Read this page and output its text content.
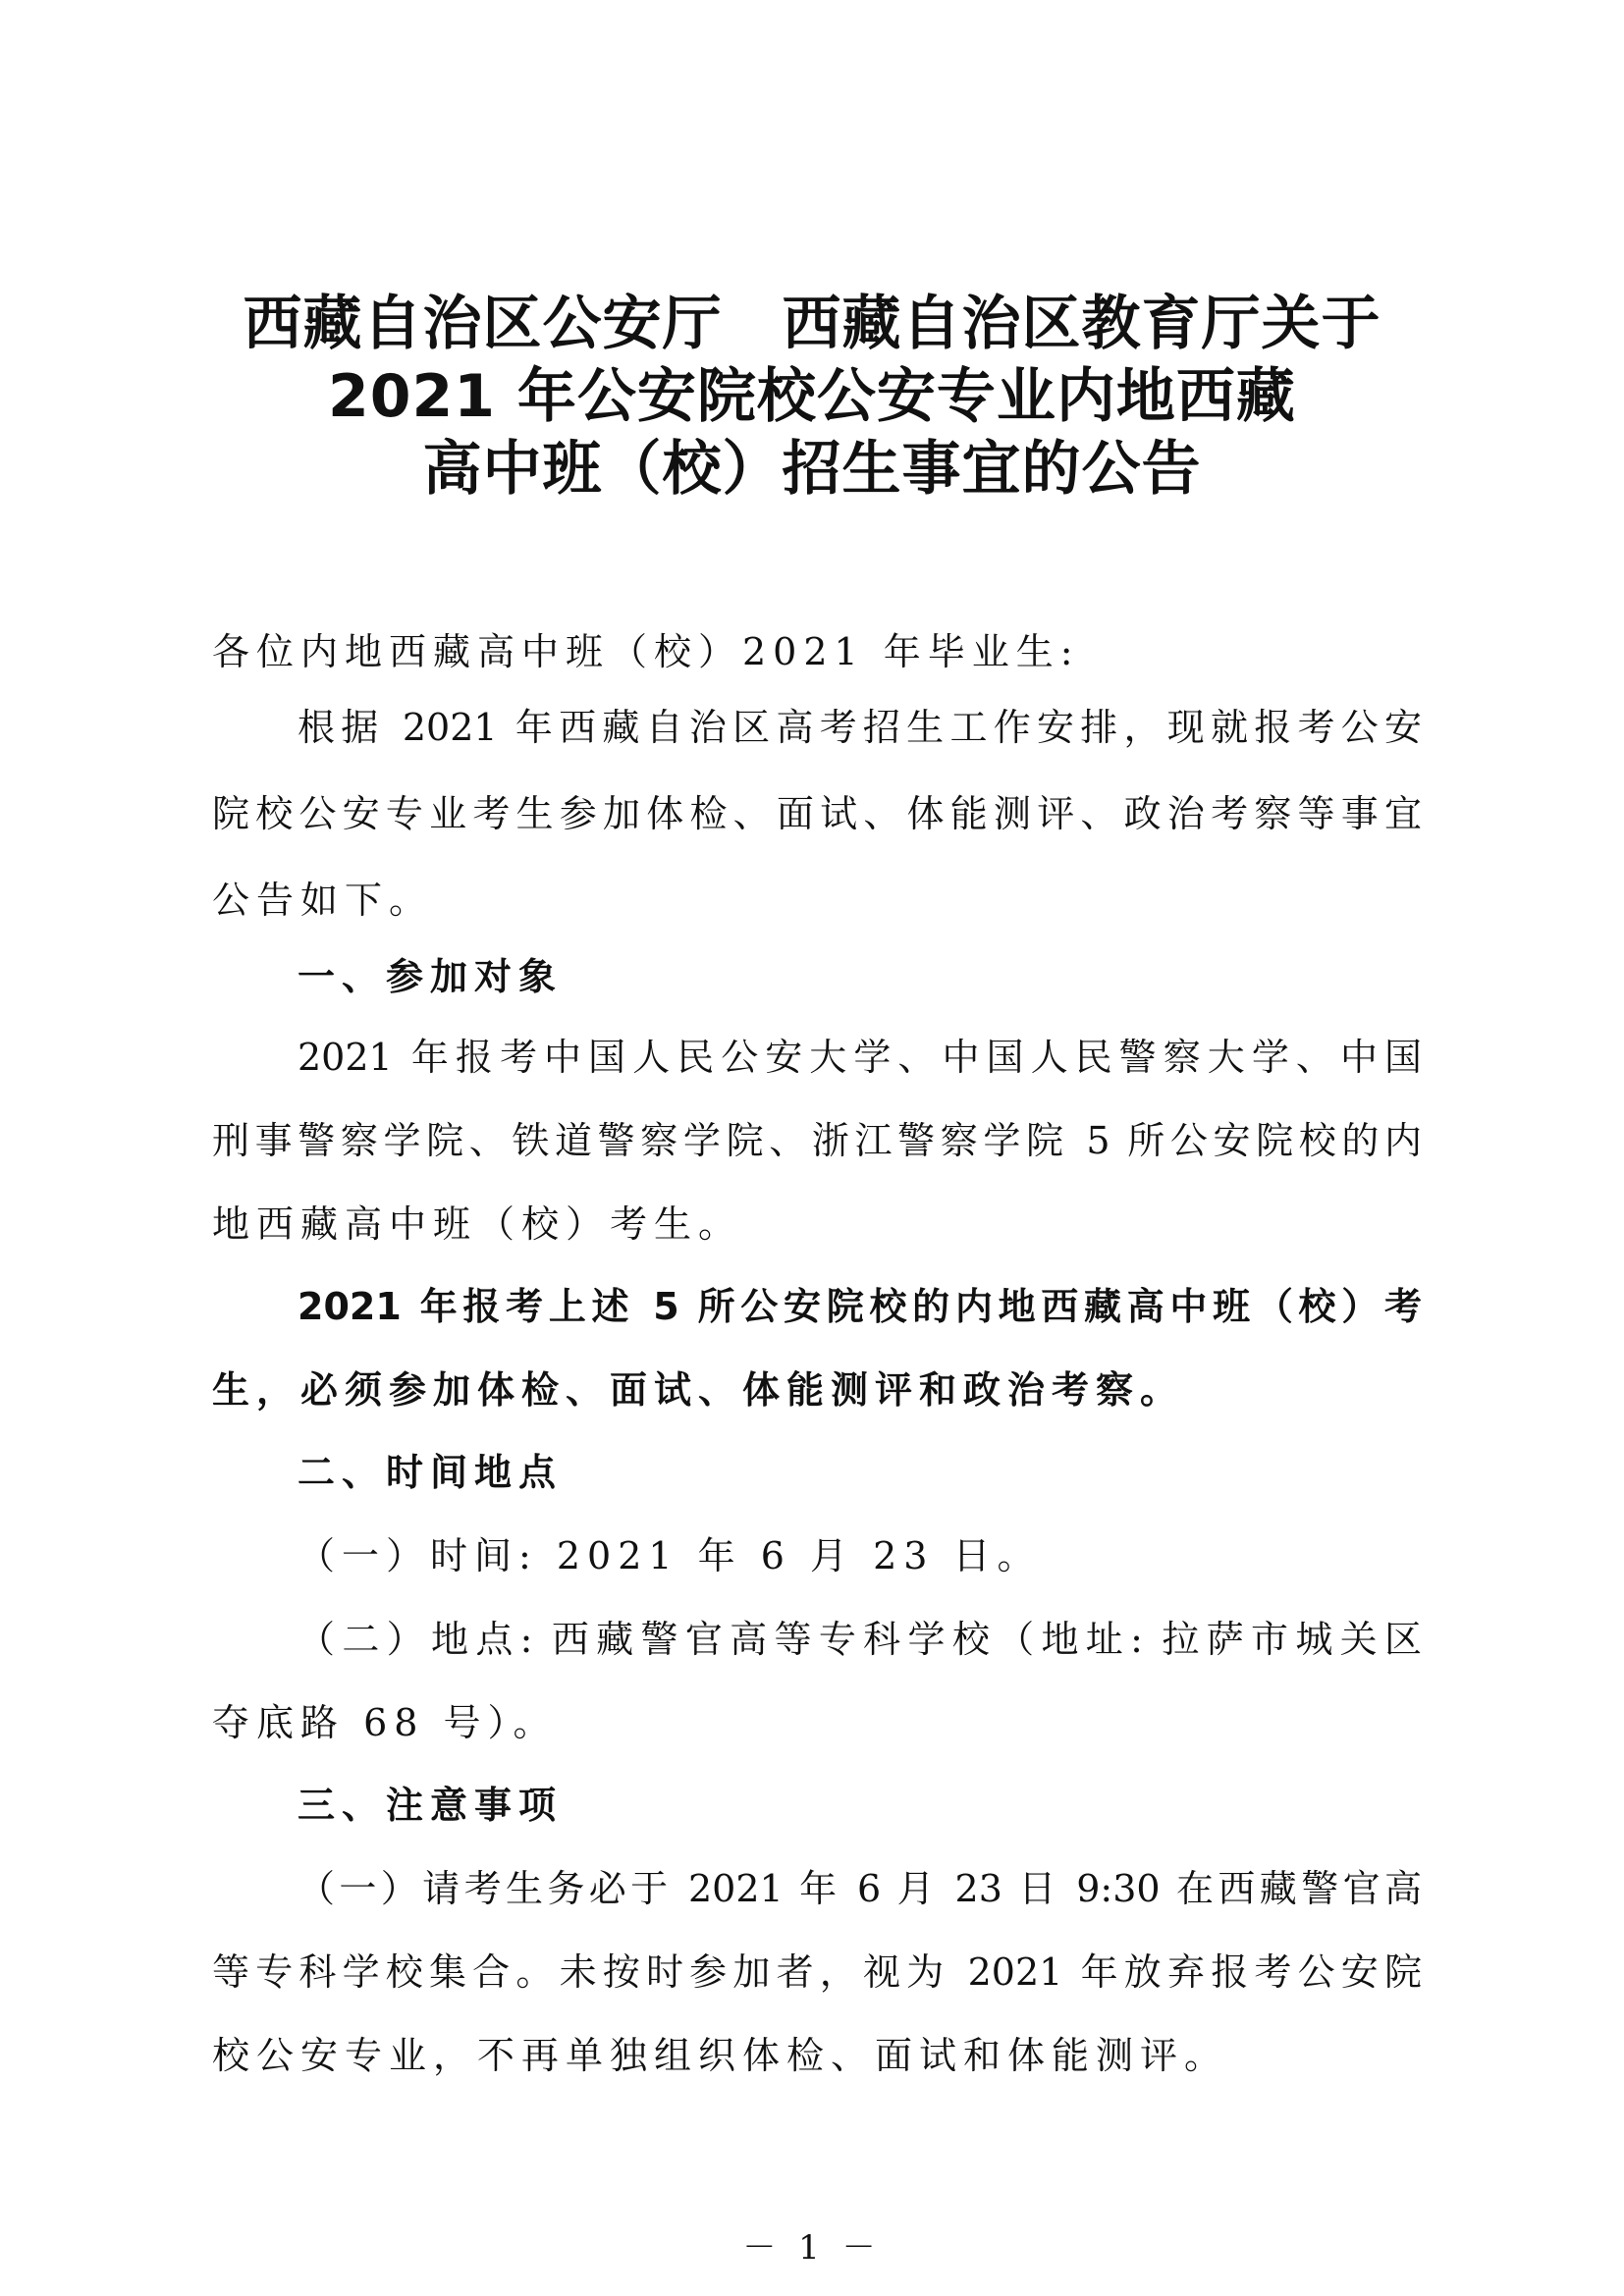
西藏自治区公安厅　西藏自治区教育厅关于
2021 年公安院校公安专业内地西藏
高中班（校）招生事宜的公告
各位内地西藏高中班（校）2021 年毕业生:
根据 2021 年西藏自治区高考招生工作安排，现就报考公安
院校公安专业考生参加体检、面试、体能测评、政治考察等事宜
公告如下。
一、参加对象
2021 年报考中国人民公安大学、中国人民警察大学、中国
刑事警察学院、铁道警察学院、浙江警察学院 5 所公安院校的内
地西藏高中班（校）考生。
2021 年报考上述 5 所公安院校的内地西藏高中班（校）考
生，必须参加体检、面试、体能测评和政治考察。
二、时间地点
（一）时间: 2021 年 6 月 23 日。
（二）地点: 西藏警官高等专科学校（地址: 拉萨市城关区
夺底路 68 号）。
三、注意事项
（一）请考生务必于 2021 年 6 月 23 日 9:30 在西藏警官高
等专科学校集合。未按时参加者，视为 2021 年放弃报考公安院
校公安专业，不再单独组织体检、面试和体能测评。
－ 1 －
